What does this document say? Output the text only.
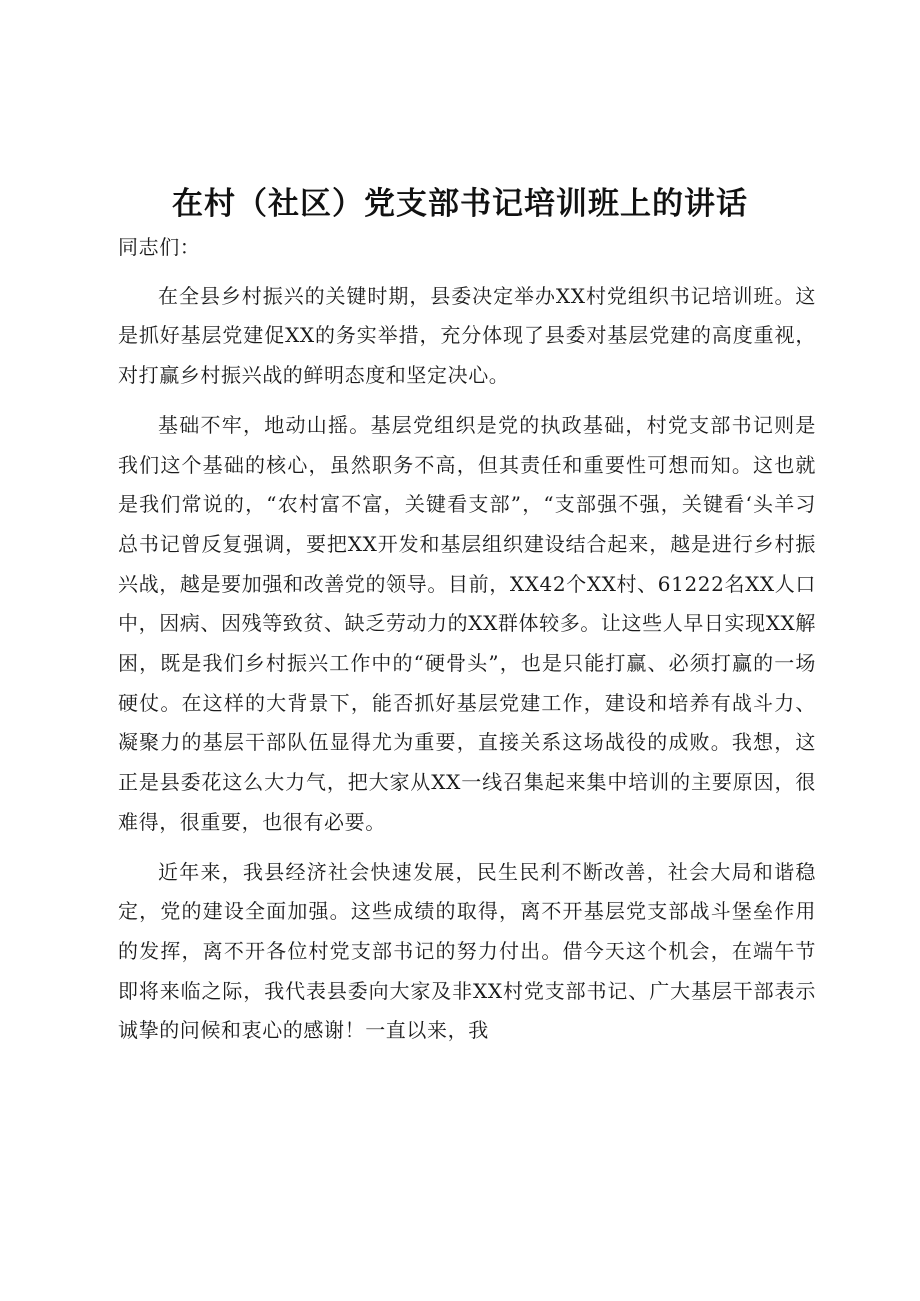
在村（社区）党支部书记培训班上的讲话

同志们：

在全县乡村振兴的关键时期，县委决定举办XX村党组织书记培训班。这是抓好基层党建促XX的务实举措，充分体现了县委对基层党建的高度重视，对打赢乡村振兴战的鲜明态度和坚定决心。

基础不牢，地动山摇。基层党组织是党的执政基础，村党支部书记则是我们这个基础的核心，虽然职务不高，但其责任和重要性可想而知。这也就是我们常说的，“农村富不富，关键看支部”，“支部强不强，关键看‘头羊习总书记曾反复强调，要把XX开发和基层组织建设结合起来，越是进行乡村振兴战，越是要加强和改善党的领导。目前，XX42个XX村、61222名XX人口中，因病、因残等致贫、缺乏劳动力的XX群体较多。让这些人早日实现XX解困，既是我们乡村振兴工作中的“硬骨头”，也是只能打赢、必须打赢的一场硬仗。在这样的大背景下，能否抓好基层党建工作，建设和培养有战斗力、凝聚力的基层干部队伍显得尤为重要，直接关系这场战役的成败。我想，这正是县委花这么大力气，把大家从XX一线召集起来集中培训的主要原因，很难得，很重要，也很有必要。

近年来，我县经济社会快速发展，民生民利不断改善，社会大局和谐稳定，党的建设全面加强。这些成绩的取得，离不开基层党支部战斗堡垒作用的发挥，离不开各位村党支部书记的努力付出。借今天这个机会，在端午节即将来临之际，我代表县委向大家及非XX村党支部书记、广大基层干部表示诚挚的问候和衷心的感谢！一直以来，我
